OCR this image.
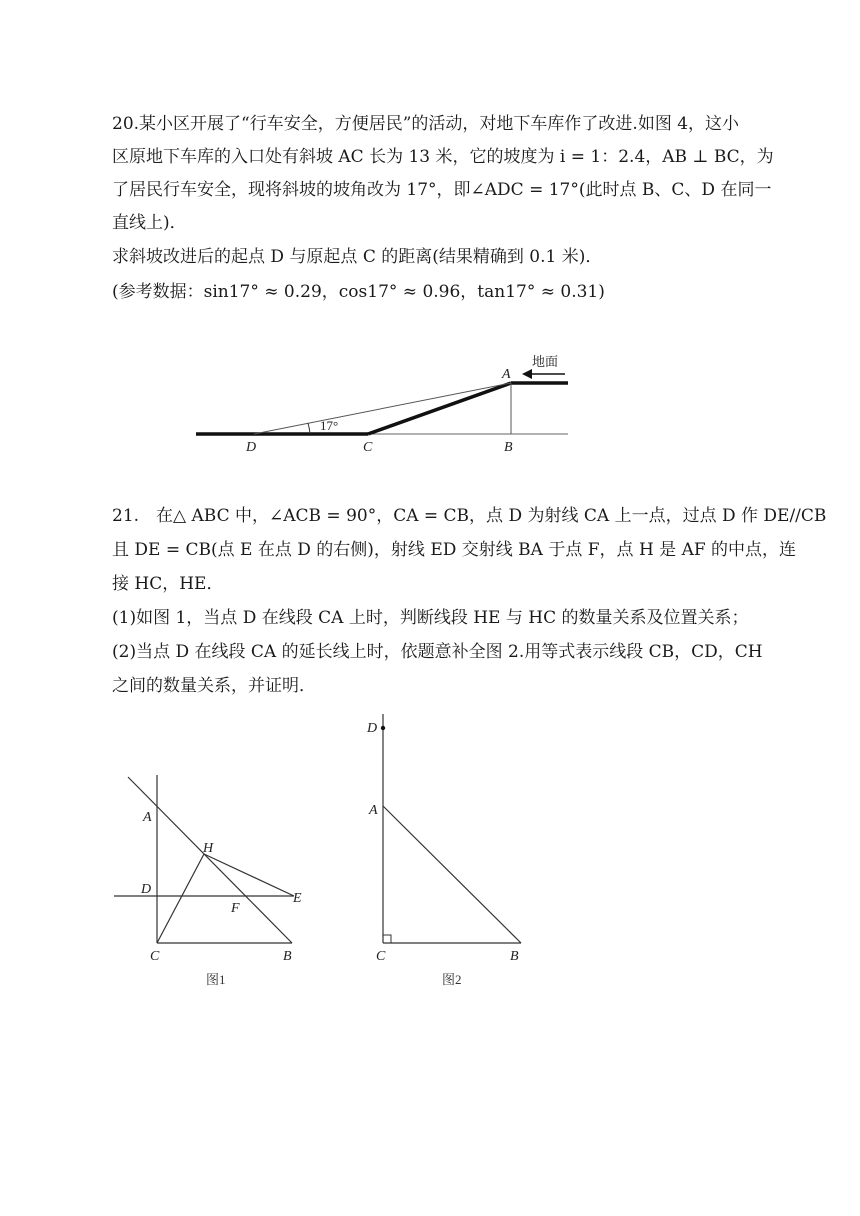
20.某小区开展了“行车安全，方便居民”的活动，对地下车库作了改进.如图 4，这小
区原地下车库的入口处有斜坡 AC 长为 13 米，它的坡度为 i = 1：2.4，AB ⊥ BC，为
了居民行车安全，现将斜坡的坡角改为 17°，即∠ADC = 17°(此时点 B、C、D 在同一
直线上)．
求斜坡改进后的起点 D 与原起点 C 的距离(结果精确到 0.1 米)．
(参考数据：sin17° ≈ 0.29，cos17° ≈ 0.96，tan17° ≈ 0.31)
17°
地面
A
B
C
D
21.　在△ ABC 中，∠ACB = 90°，CA = CB，点 D 为射线 CA 上一点，过点 D 作 DE//CB
且 DE = CB(点 E 在点 D 的右侧)，射线 ED 交射线 BA 于点 F，点 H 是 AF 的中点，连
接 HC，HE．
(1)如图 1，当点 D 在线段 CA 上时，判断线段 HE 与 HC 的数量关系及位置关系；
(2)当点 D 在线段 CA 的延长线上时，依题意补全图 2.用等式表示线段 CB，CD，CH
之间的数量关系，并证明．
A
H
D
E
F
C	B
图1
D
A
C	B
图2
